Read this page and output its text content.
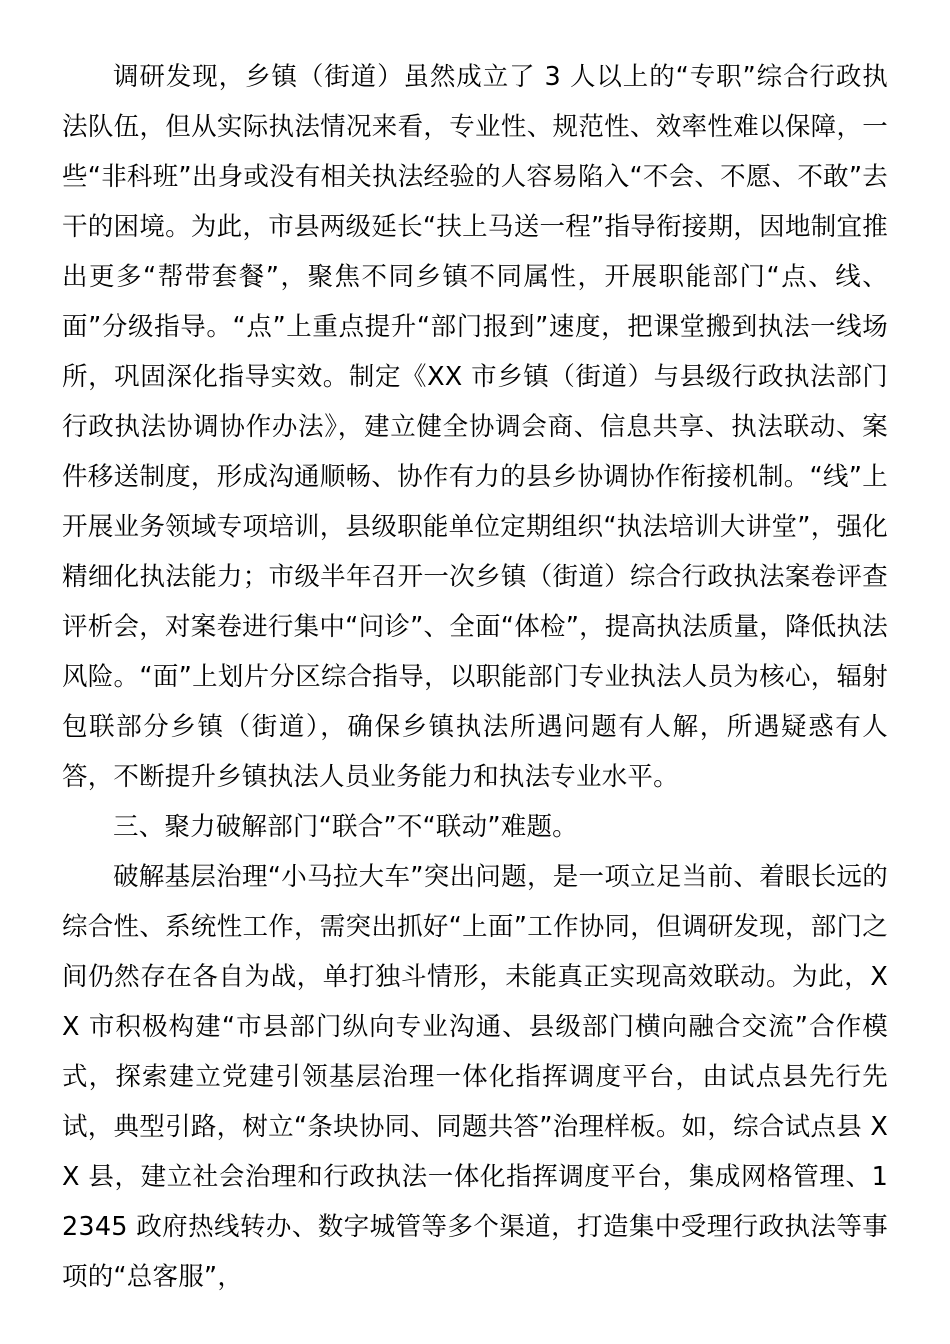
调研发现，乡镇（街道）虽然成立了 3 人以上的“专职”综合行政执法队伍，但从实际执法情况来看，专业性、规范性、效率性难以保障，一些“非科班”出身或没有相关执法经验的人容易陷入“不会、不愿、不敢”去干的困境。为此，市县两级延长“扶上马送一程”指导衔接期，因地制宜推出更多“帮带套餐”，聚焦不同乡镇不同属性，开展职能部门“点、线、面”分级指导。“点”上重点提升“部门报到”速度，把课堂搬到执法一线场所，巩固深化指导实效。制定《XX 市乡镇（街道）与县级行政执法部门行政执法协调协作办法》，建立健全协调会商、信息共享、执法联动、案件移送制度，形成沟通顺畅、协作有力的县乡协调协作衔接机制。“线”上开展业务领域专项培训，县级职能单位定期组织“执法培训大讲堂”，强化精细化执法能力；市级半年召开一次乡镇（街道）综合行政执法案卷评查评析会，对案卷进行集中“问诊”、全面“体检”，提高执法质量，降低执法风险。“面”上划片分区综合指导，以职能部门专业执法人员为核心，辐射包联部分乡镇（街道），确保乡镇执法所遇问题有人解，所遇疑惑有人答，不断提升乡镇执法人员业务能力和执法专业水平。

三、聚力破解部门“联合”不“联动”难题。

破解基层治理“小马拉大车”突出问题，是一项立足当前、着眼长远的综合性、系统性工作，需突出抓好“上面”工作协同，但调研发现，部门之间仍然存在各自为战，单打独斗情形，未能真正实现高效联动。为此，XX 市积极构建“市县部门纵向专业沟通、县级部门横向融合交流”合作模式，探索建立党建引领基层治理一体化指挥调度平台，由试点县先行先试，典型引路，树立“条块协同、同题共答”治理样板。如，综合试点县 XX 县，建立社会治理和行政执法一体化指挥调度平台，集成网格管理、12345 政府热线转办、数字城管等多个渠道，打造集中受理行政执法等事项的“总客服”，
